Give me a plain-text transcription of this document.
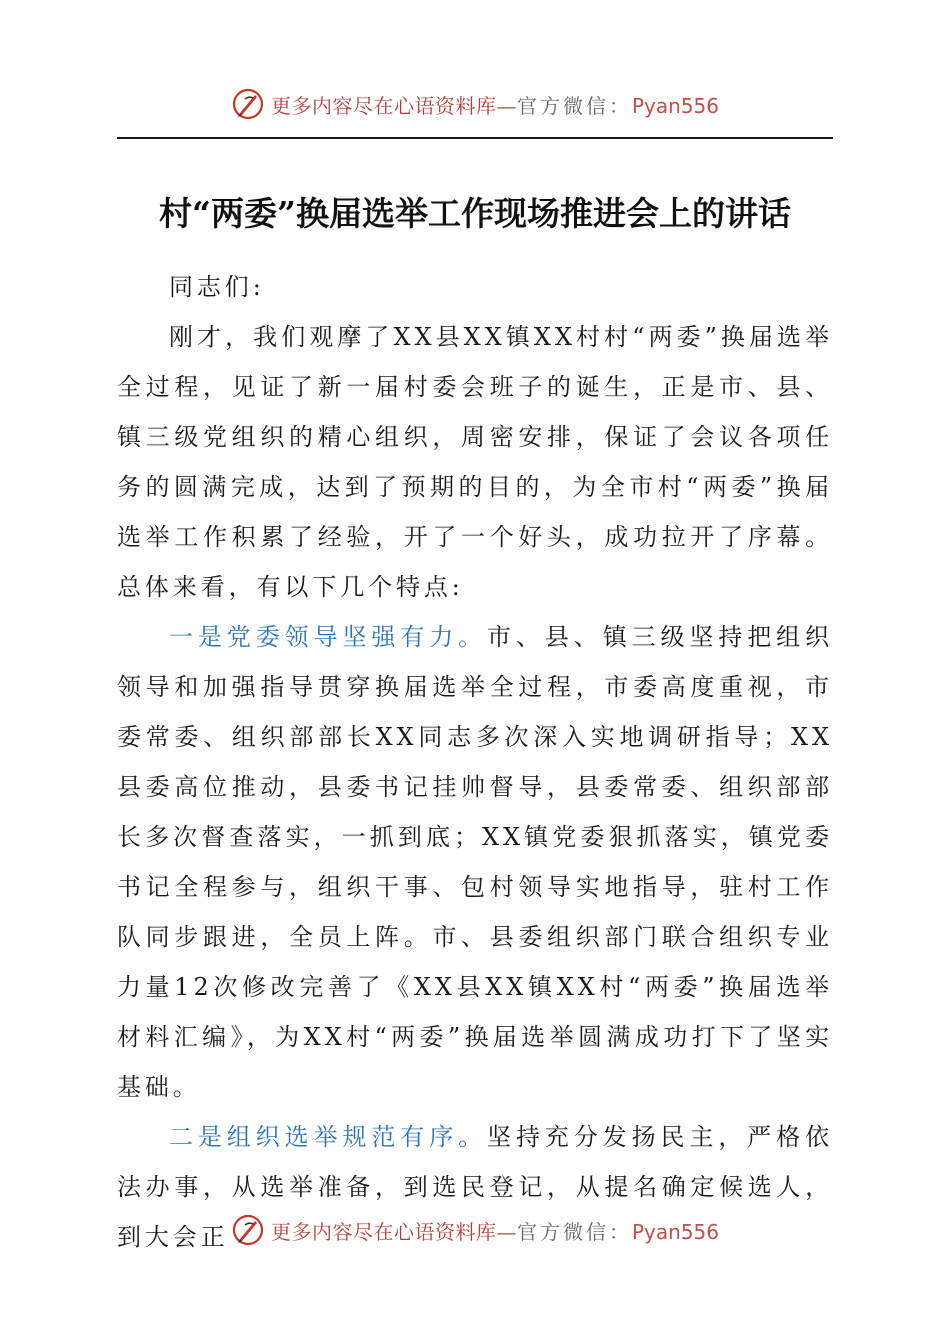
更多内容尽在心语资料库—官方微信：Pyan556
村“两委”换届选举工作现场推进会上的讲话

同志们:

刚才，我们观摩了XX县XX镇XX村村“两委”换届选举全过程，见证了新一届村委会班子的诞生，正是市、县、镇三级党组织的精心组织，周密安排，保证了会议各项任务的圆满完成，达到了预期的目的，为全市村“两委”换届选举工作积累了经验，开了一个好头，成功拉开了序幕。总体来看，有以下几个特点:

一是党委领导坚强有力。市、县、镇三级坚持把组织领导和加强指导贯穿换届选举全过程，市委高度重视，市委常委、组织部部长XX同志多次深入实地调研指导；XX县委高位推动，县委书记挂帅督导，县委常委、组织部部长多次督查落实，一抓到底；XX镇党委狠抓落实，镇党委书记全程参与，组织干事、包村领导实地指导，驻村工作队同步跟进，全员上阵。市、县委组织部门联合组织专业力量12次修改完善了《XX县XX镇XX村“两委”换届选举材料汇编》，为XX村“两委”换届选举圆满成功打下了坚实基础。

二是组织选举规范有序。坚持充分发扬民主，严格依法办事，从选举准备，到选民登记，从提名确定候选人，到大会正	更多内容尽在心语资料库—官方微信：Pyan556
